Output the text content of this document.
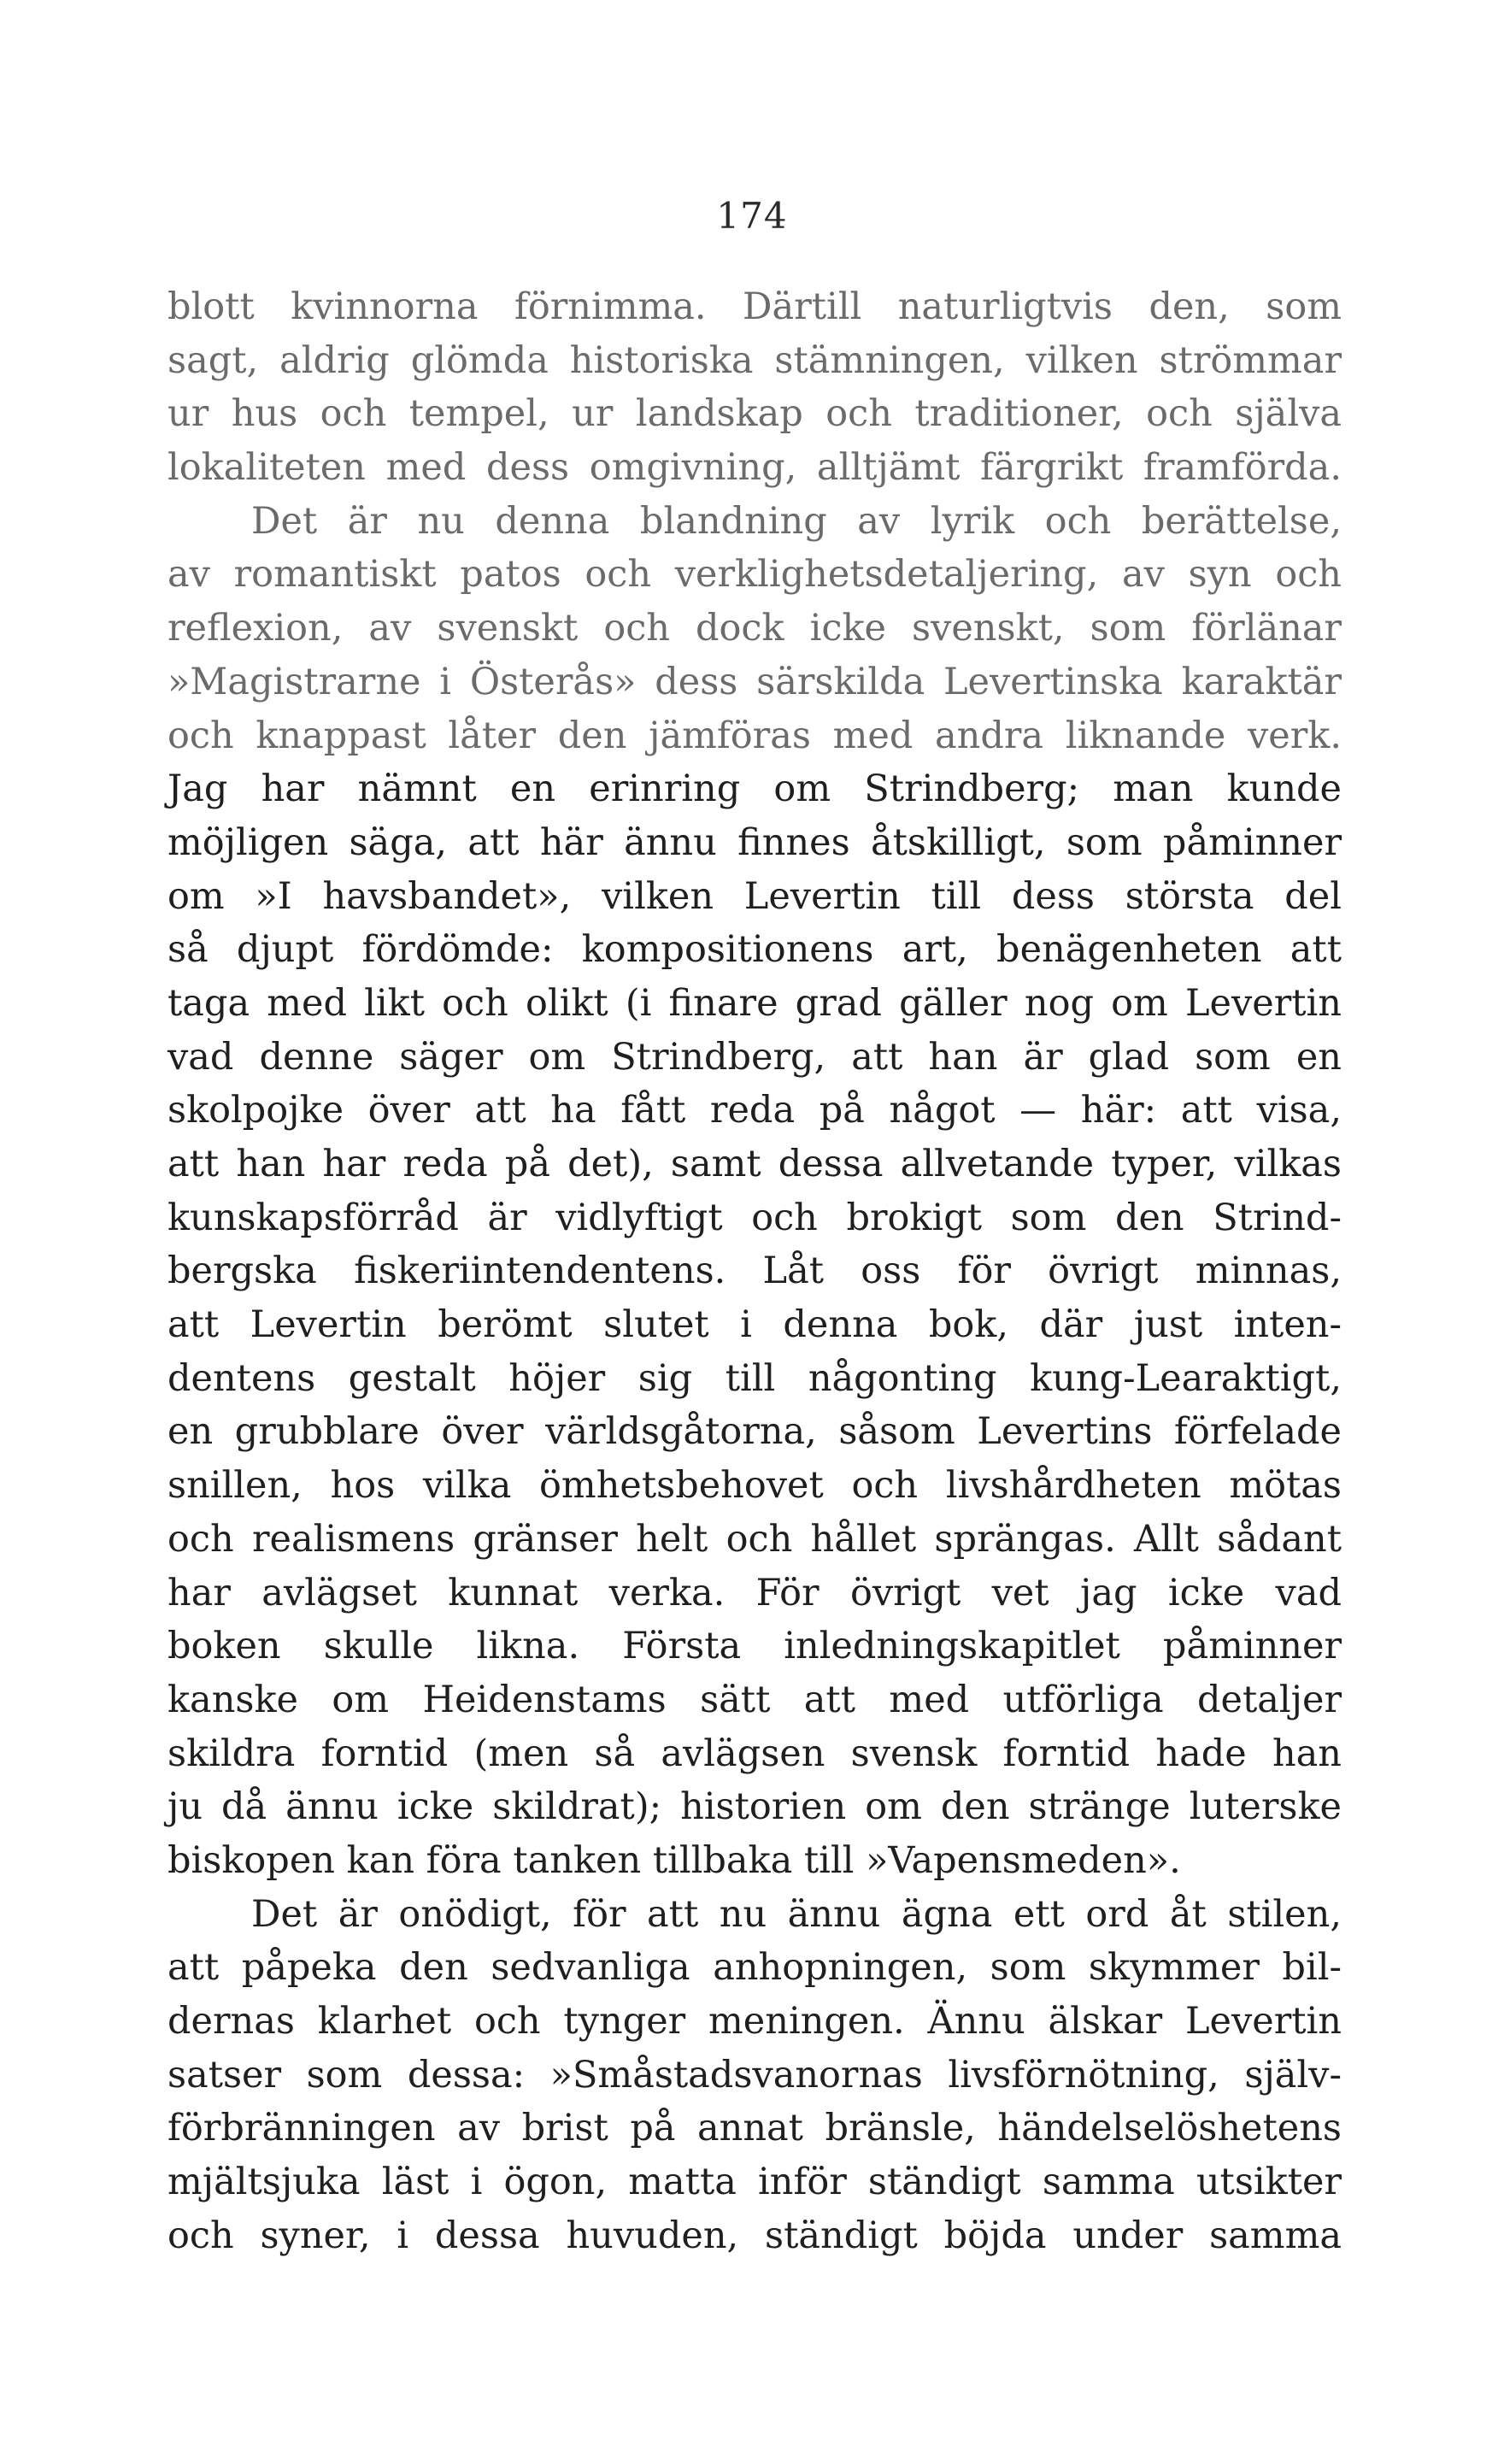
174
blott kvinnorna förnimma. Därtill naturligtvis den, som
sagt, aldrig glömda historiska stämningen, vilken strömmar
ur hus och tempel, ur landskap och traditioner, och själva
lokaliteten med dess omgivning, alltjämt färgrikt framförda.
Det är nu denna blandning av lyrik och berättelse,
av romantiskt patos och verklighetsdetaljering, av syn och
reflexion, av svenskt och dock icke svenskt, som förlänar
»Magistrarne i Österås» dess särskilda Levertinska karaktär
och knappast låter den jämföras med andra liknande verk.
Jag har nämnt en erinring om Strindberg; man kunde
möjligen säga, att här ännu finnes åtskilligt, som påminner
om »I havsbandet», vilken Levertin till dess största del
så djupt fördömde: kompositionens art, benägenheten att
taga med likt och olikt (i finare grad gäller nog om Levertin
vad denne säger om Strindberg, att han är glad som en
skolpojke över att ha fått reda på något — här: att visa,
att han har reda på det), samt dessa allvetande typer, vilkas
kunskapsförråd är vidlyftigt och brokigt som den Strind-
bergska fiskeriintendentens. Låt oss för övrigt minnas,
att Levertin berömt slutet i denna bok, där just inten-
dentens gestalt höjer sig till någonting kung-Learaktigt,
en grubblare över världsgåtorna, såsom Levertins förfelade
snillen, hos vilka ömhetsbehovet och livshårdheten mötas
och realismens gränser helt och hållet sprängas. Allt sådant
har avlägset kunnat verka. För övrigt vet jag icke vad
boken skulle likna. Första inledningskapitlet påminner
kanske om Heidenstams sätt att med utförliga detaljer
skildra forntid (men så avlägsen svensk forntid hade han
ju då ännu icke skildrat); historien om den stränge luterske
biskopen kan föra tanken tillbaka till »Vapensmeden».
Det är onödigt, för att nu ännu ägna ett ord åt stilen,
att påpeka den sedvanliga anhopningen, som skymmer bil-
dernas klarhet och tynger meningen. Ännu älskar Levertin
satser som dessa: »Småstadsvanornas livsförnötning, själv-
förbränningen av brist på annat bränsle, händelselöshetens
mjältsjuka läst i ögon, matta inför ständigt samma utsikter
och syner, i dessa huvuden, ständigt böjda under samma
